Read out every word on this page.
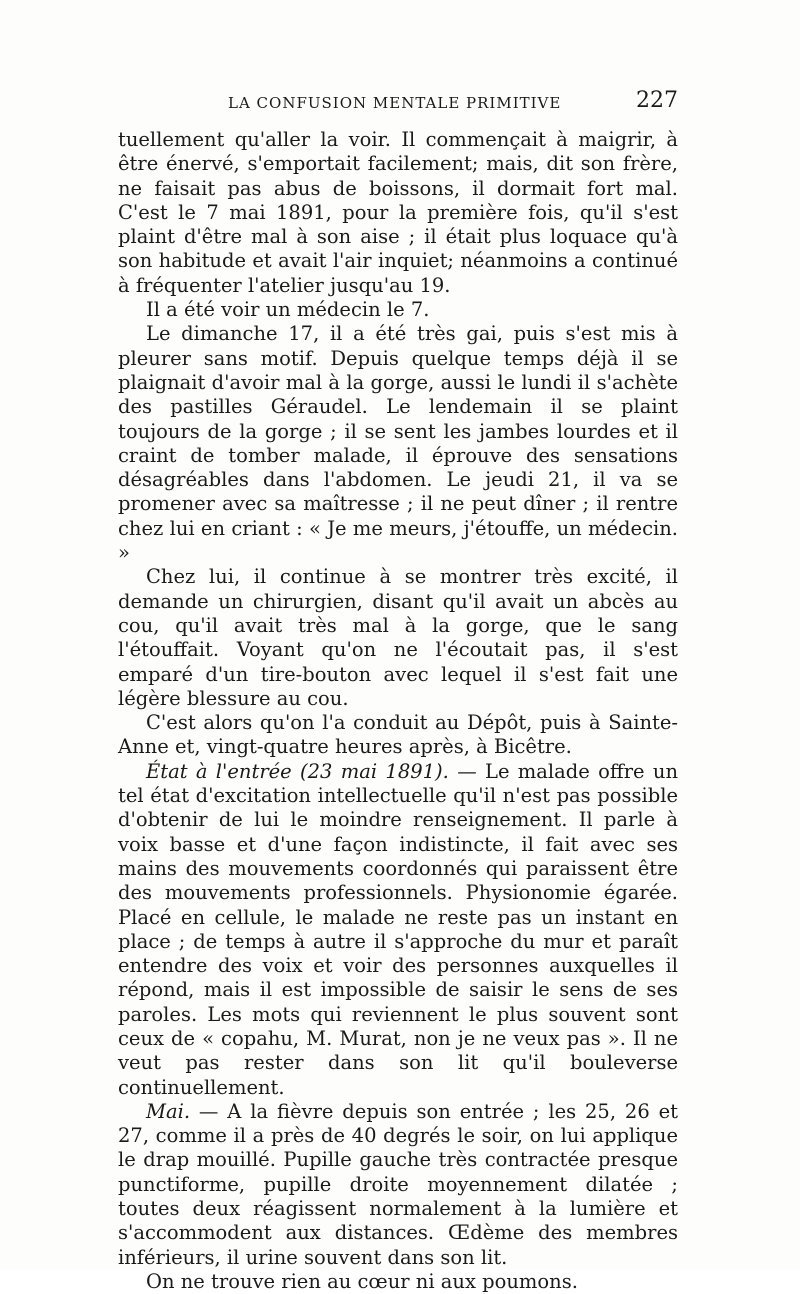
LA CONFUSION MENTALE PRIMITIVE	227

tuellement qu'aller la voir. Il commençait à maigrir, à être énervé, s'emportait facilement; mais, dit son frère, ne faisait pas abus de boissons, il dormait fort mal. C'est le 7 mai 1891, pour la première fois, qu'il s'est plaint d'être mal à son aise ; il était plus loquace qu'à son habitude et avait l'air inquiet; néanmoins a continué à fréquenter l'atelier jusqu'au 19.

Il a été voir un médecin le 7.

Le dimanche 17, il a été très gai, puis s'est mis à pleurer sans motif. Depuis quelque temps déjà il se plaignait d'avoir mal à la gorge, aussi le lundi il s'achète des pastilles Géraudel. Le lendemain il se plaint toujours de la gorge ; il se sent les jambes lourdes et il craint de tomber malade, il éprouve des sensations désagréables dans l'abdomen. Le jeudi 21, il va se promener avec sa maîtresse ; il ne peut dîner ; il rentre chez lui en criant : « Je me meurs, j'étouffe, un médecin. »

Chez lui, il continue à se montrer très excité, il demande un chirurgien, disant qu'il avait un abcès au cou, qu'il avait très mal à la gorge, que le sang l'étouffait. Voyant qu'on ne l'écoutait pas, il s'est emparé d'un tire-bouton avec lequel il s'est fait une légère blessure au cou.

C'est alors qu'on l'a conduit au Dépôt, puis à Sainte-Anne et, vingt-quatre heures après, à Bicêtre.

État à l'entrée (23 mai 1891). — Le malade offre un tel état d'excitation intellectuelle qu'il n'est pas possible d'obtenir de lui le moindre renseignement. Il parle à voix basse et d'une façon indistincte, il fait avec ses mains des mouvements coordonnés qui paraissent être des mouvements professionnels. Physionomie égarée. Placé en cellule, le malade ne reste pas un instant en place ; de temps à autre il s'approche du mur et paraît entendre des voix et voir des personnes auxquelles il répond, mais il est impossible de saisir le sens de ses paroles. Les mots qui reviennent le plus souvent sont ceux de « copahu, M. Murat, non je ne veux pas ». Il ne veut pas rester dans son lit qu'il bouleverse continuellement.

Mai. — A la fièvre depuis son entrée ; les 25, 26 et 27, comme il a près de 40 degrés le soir, on lui applique le drap mouillé. Pupille gauche très contractée presque punctiforme, pupille droite moyennement dilatée ; toutes deux réagissent normalement à la lumière et s'accommodent aux distances. Œdème des membres inférieurs, il urine souvent dans son lit.

On ne trouve rien au cœur ni aux poumons.
